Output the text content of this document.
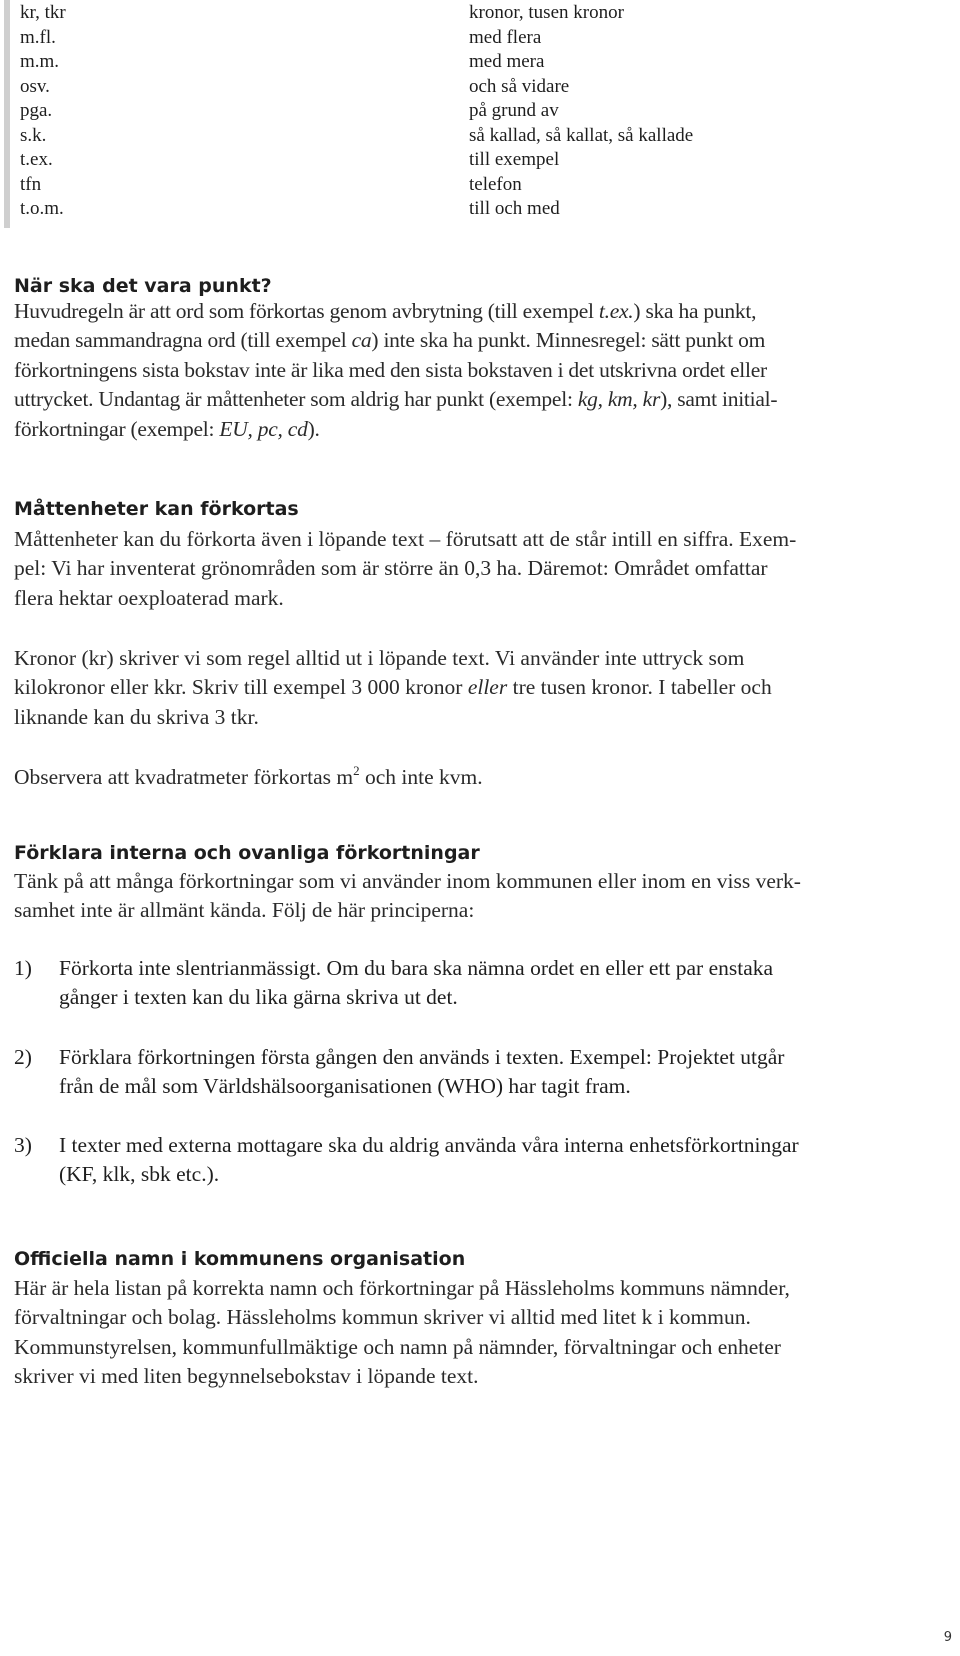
kr, tkr	kronor, tusen kronor
m.fl.	med flera
m.m.	med mera
osv.	och så vidare
pga.	på grund av
s.k.	så kallad, så kallat, så kallade
t.ex.	till exempel
tfn	telefon
t.o.m.	till och med
När ska det vara punkt?
Huvudregeln är att ord som förkortas genom avbrytning (till exempel t.ex.) ska ha punkt,
medan sammandragna ord (till exempel ca) inte ska ha punkt. Minnesregel: sätt punkt om
förkortningens sista bokstav inte är lika med den sista bokstaven i det utskrivna ordet eller
uttrycket. Undantag är måttenheter som aldrig har punkt (exempel: kg, km, kr), samt initial-
förkortningar (exempel: EU, pc, cd).
Måttenheter kan förkortas
Måttenheter kan du förkorta även i löpande text – förutsatt att de står intill en siffra. Exem-
pel: Vi har inventerat grönområden som är större än 0,3 ha. Däremot: Området omfattar
flera hektar oexploaterad mark.
Kronor (kr) skriver vi som regel alltid ut i löpande text. Vi använder inte uttryck som
kilokronor eller kkr. Skriv till exempel 3 000 kronor eller tre tusen kronor. I tabeller och
liknande kan du skriva 3 tkr.
Observera att kvadratmeter förkortas $m^2$ och inte kvm.
Förklara interna och ovanliga förkortningar
Tänk på att många förkortningar som vi använder inom kommunen eller inom en viss verk-
samhet inte är allmänt kända. Följ de här principerna:
1) Förkorta inte slentrianmässigt. Om du bara ska nämna ordet en eller ett par enstaka
gånger i texten kan du lika gärna skriva ut det.
2) Förklara förkortningen första gången den används i texten. Exempel: Projektet utgår
från de mål som Världshälsoorganisationen (WHO) har tagit fram.
3) I texter med externa mottagare ska du aldrig använda våra interna enhetsförkortningar
(KF, klk, sbk etc.).
Officiella namn i kommunens organisation
Här är hela listan på korrekta namn och förkortningar på Hässleholms kommuns nämnder,
förvaltningar och bolag. Hässleholms kommun skriver vi alltid med litet k i kommun.
Kommunstyrelsen, kommunfullmäktige och namn på nämnder, förvaltningar och enheter
skriver vi med liten begynnelsebokstav i löpande text.
9
